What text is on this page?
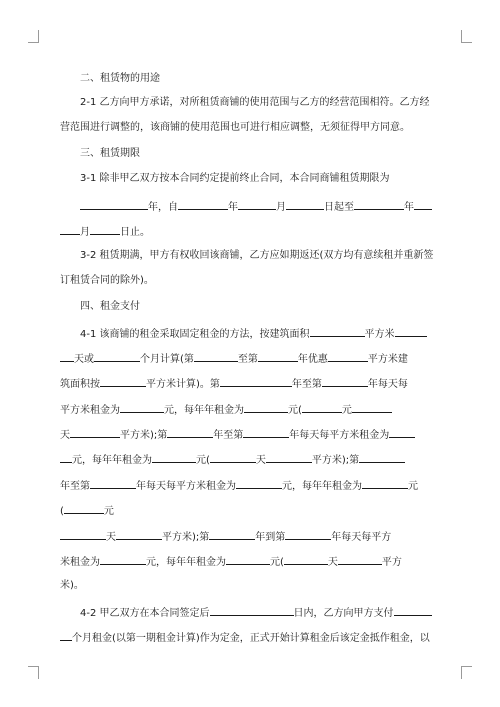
二、租赁物的用途
2-1 乙方向甲方承诺，对所租赁商铺的使用范围与乙方的经营范围相符。乙方经
营范围进行调整的，该商铺的使用范围也可进行相应调整，无须征得甲方同意。
三、租赁期限
3-1 除非甲乙双方按本合同约定提前终止合同，本合同商铺租赁期限为
年，自	年	月	日起至	年
月	日止。
3-2 租赁期满，甲方有权收回该商铺，乙方应如期返还(双方均有意续租并重新签
订租赁合同的除外)。
四、租金支付
4-1 该商铺的租金采取固定租金的方法，按建筑面积	平方米
天或	个月计算(第	至第	年优惠	平方米建
筑面积按	平方米计算)。第	年至第	年每天每
平方米租金为	元，每年年租金为	元(	元
天	平方米);第	年至第	年每天每平方米租金为
元，每年年租金为	元(	天	平方米);第
年至第	年每天每平方米租金为	元，每年年租金为	元
(	元
天	平方米);第	年到第	年每天每平方
米租金为	元，每年年租金为	元(	天	平方
米)。
4-2 甲乙双方在本合同签定后	日内，乙方向甲方支付
个月租金(以第一期租金计算)作为定金，正式开始计算租金后该定金抵作租金，以
